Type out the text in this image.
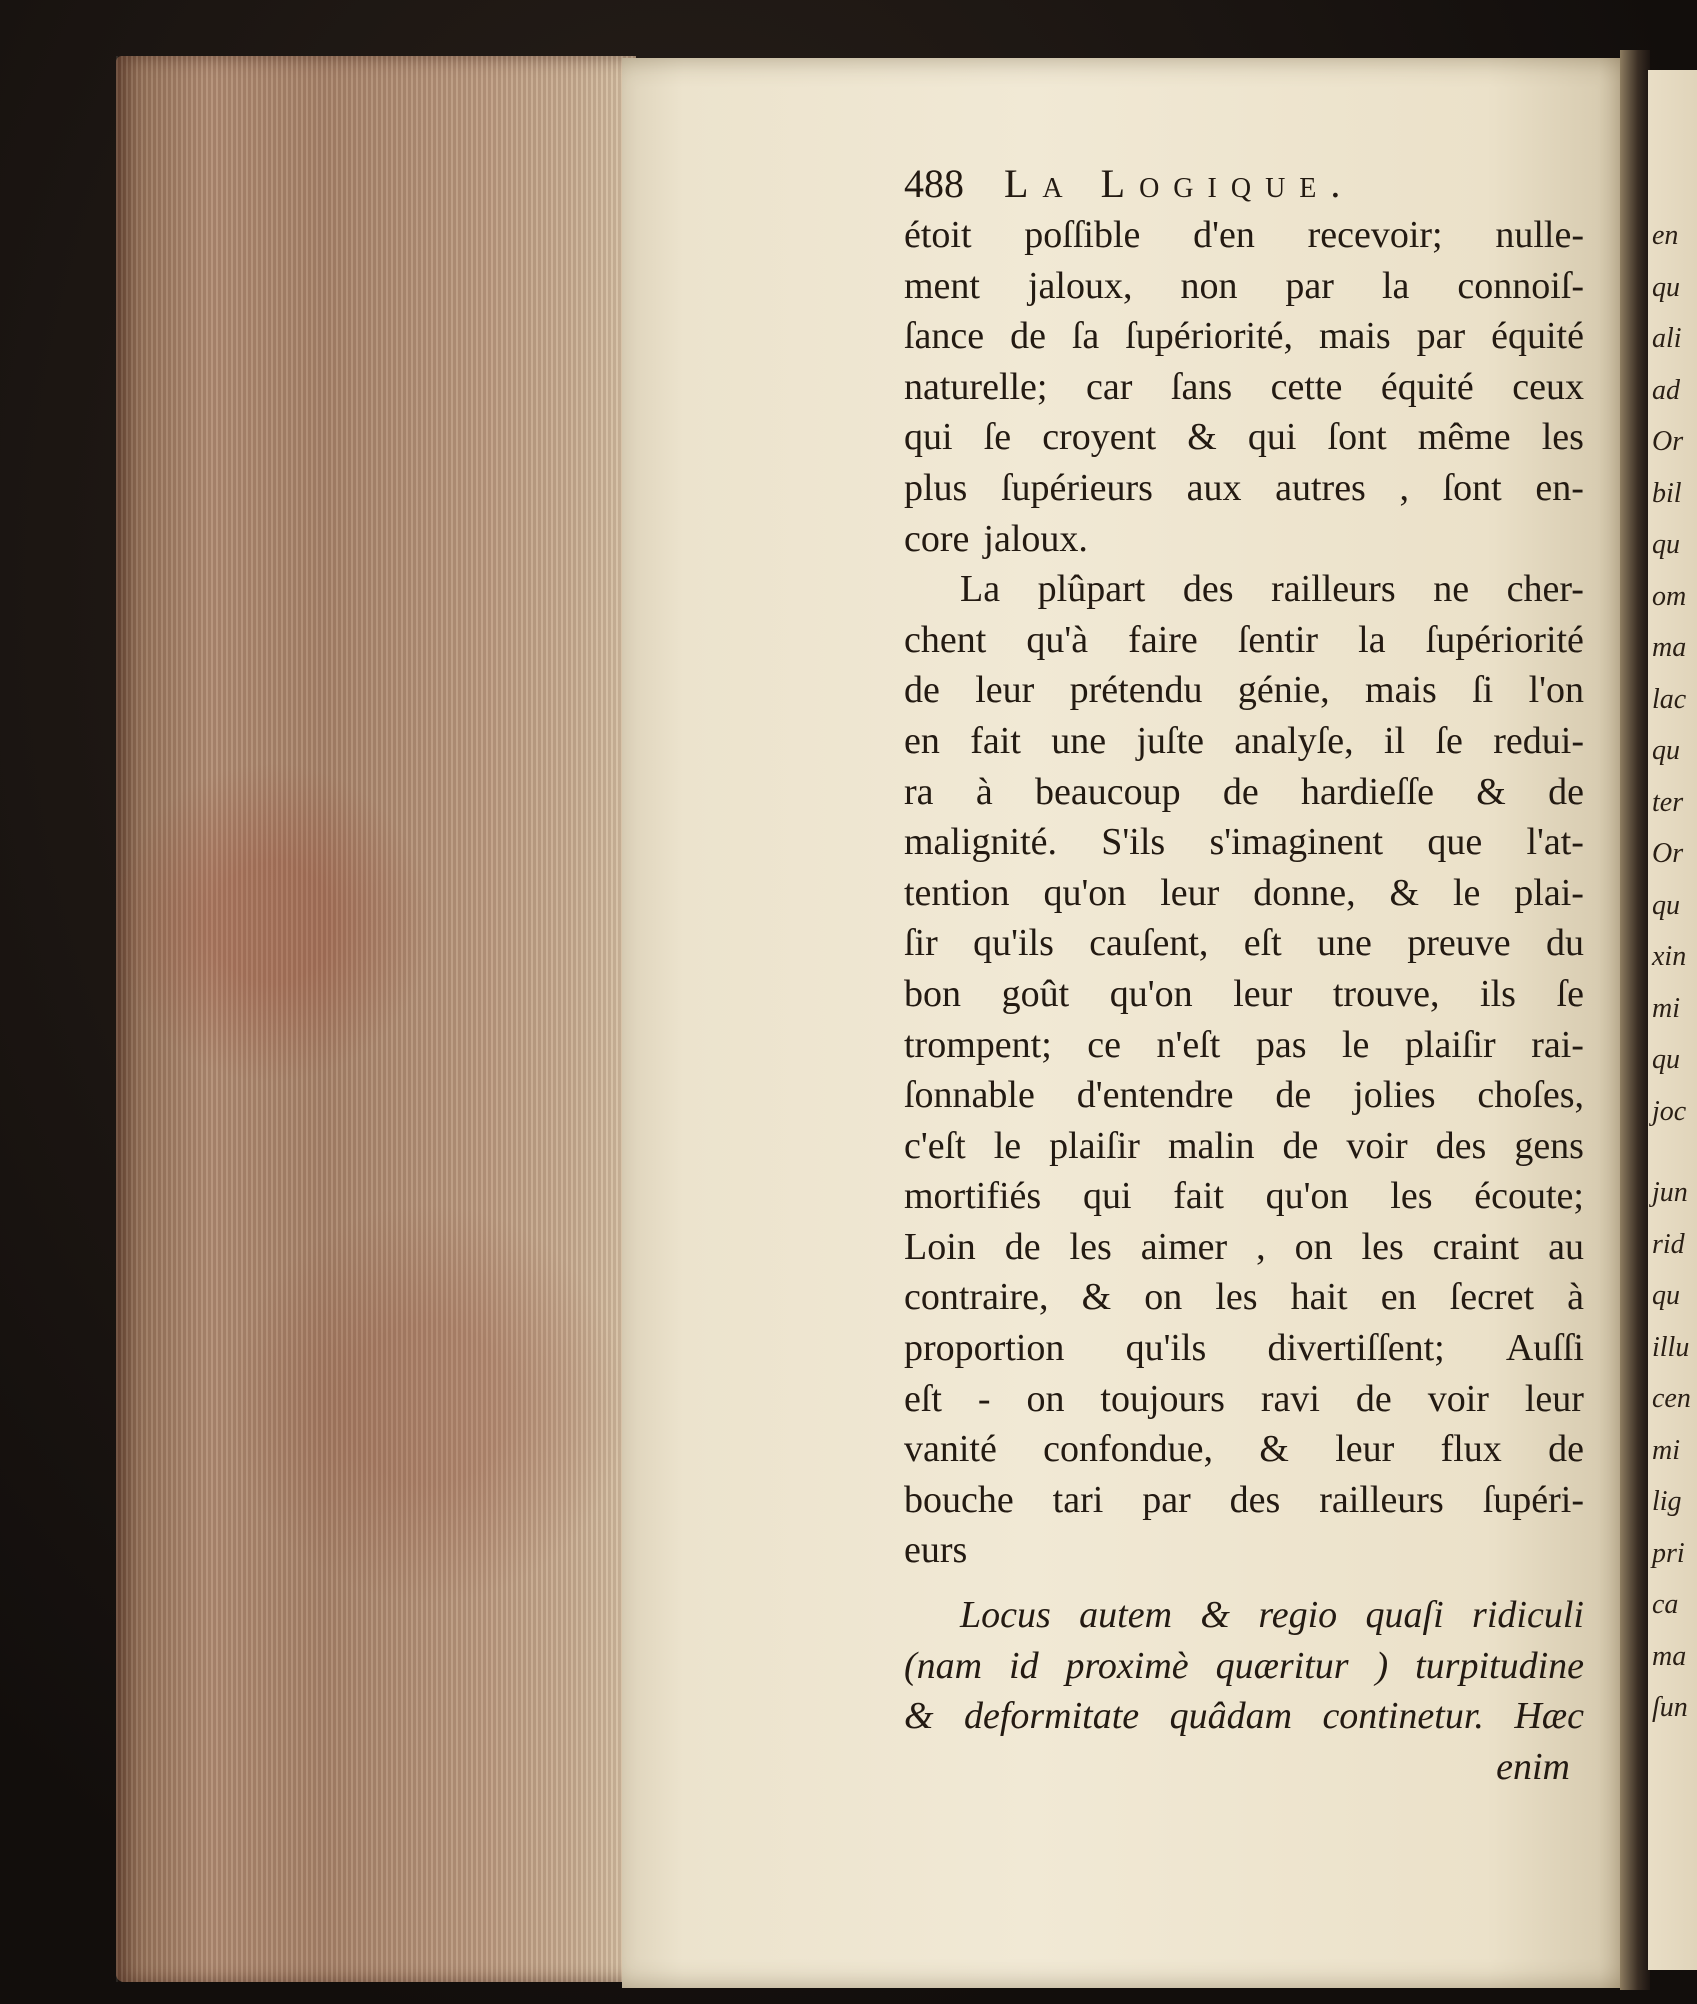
en
qu
ali
ad
Or
bil
qu
om
ma
lac
qu
ter
Or
qu
xin
mi
qu
joc
jun
rid
qu
illu
cen
mi
lig
pri
ca
ma
ſun
488 La Logique.
étoit poſſible d'en recevoir; nulle-
ment jaloux, non par la connoiſ-
ſance de ſa ſupériorité, mais par équité
naturelle; car ſans cette équité ceux
qui ſe croyent & qui ſont même les
plus ſupérieurs aux autres , ſont en-
core jaloux.
La plûpart des railleurs ne cher-
chent qu'à faire ſentir la ſupériorité
de leur prétendu génie, mais ſi l'on
en fait une juſte analyſe, il ſe redui-
ra à beaucoup de hardieſſe & de
malignité. S'ils s'imaginent que l'at-
tention qu'on leur donne, & le plai-
ſir qu'ils cauſent, eſt une preuve du
bon goût qu'on leur trouve, ils ſe
trompent; ce n'eſt pas le plaiſir rai-
ſonnable d'entendre de jolies choſes,
c'eſt le plaiſir malin de voir des gens
mortifiés qui fait qu'on les écoute;
Loin de les aimer , on les craint au
contraire, & on les hait en ſecret à
proportion qu'ils divertiſſent; Auſſi
eſt - on toujours ravi de voir leur
vanité confondue, & leur flux de
bouche tari par des railleurs ſupéri-
eurs
Locus autem & regio quaſi ridiculi
(nam id proximè quæritur ) turpitudine
& deformitate quâdam continetur. Hæc
enim
